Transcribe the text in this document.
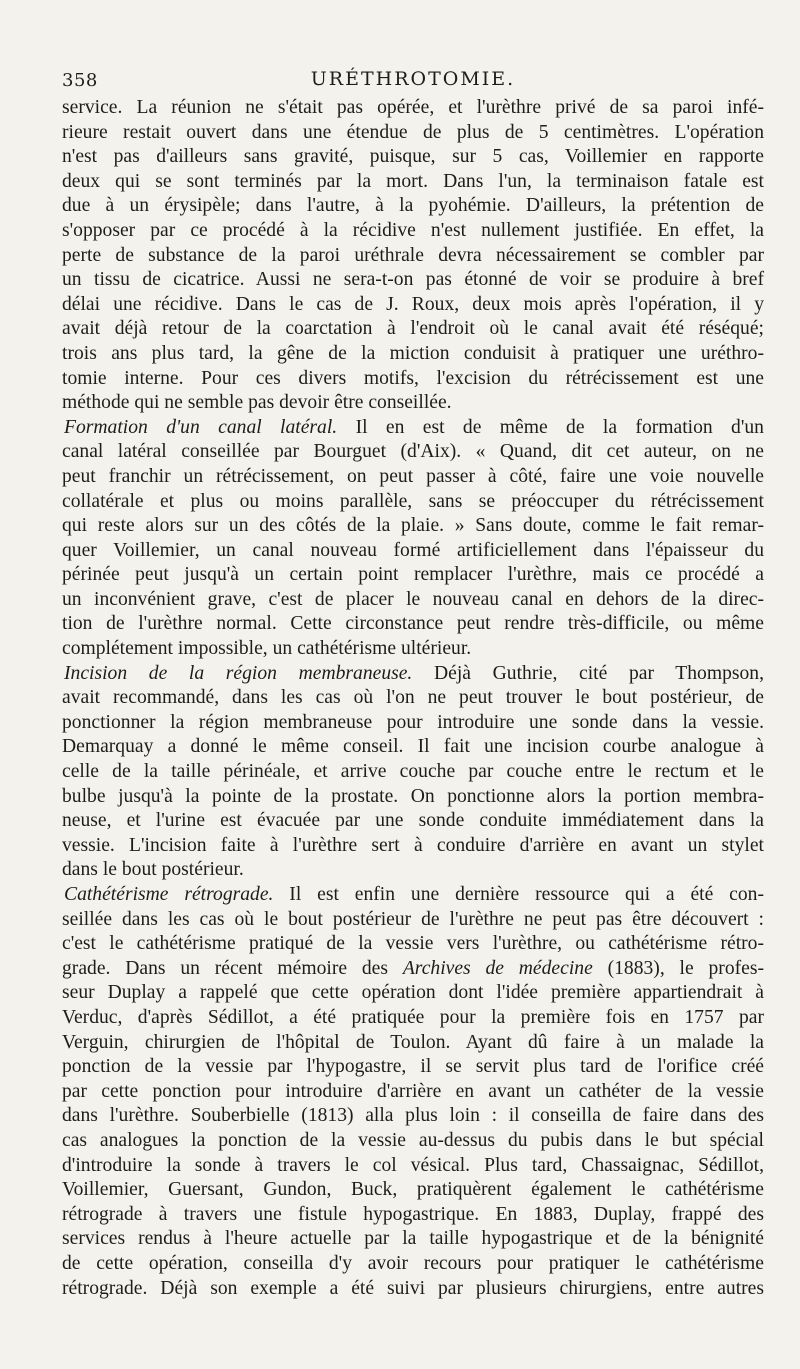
358	URÉTHROTOMIE.
service. La réunion ne s'était pas opérée, et l'urèthre privé de sa paroi infé-
rieure restait ouvert dans une étendue de plus de 5 centimètres. L'opération
n'est pas d'ailleurs sans gravité, puisque, sur 5 cas, Voillemier en rapporte
deux qui se sont terminés par la mort. Dans l'un, la terminaison fatale est
due à un érysipèle; dans l'autre, à la pyohémie. D'ailleurs, la prétention de
s'opposer par ce procédé à la récidive n'est nullement justifiée. En effet, la
perte de substance de la paroi uréthrale devra nécessairement se combler par
un tissu de cicatrice. Aussi ne sera-t-on pas étonné de voir se produire à bref
délai une récidive. Dans le cas de J. Roux, deux mois après l'opération, il y
avait déjà retour de la coarctation à l'endroit où le canal avait été réséqué;
trois ans plus tard, la gêne de la miction conduisit à pratiquer une uréthro-
tomie interne. Pour ces divers motifs, l'excision du rétrécissement est une
méthode qui ne semble pas devoir être conseillée.
Formation d'un canal latéral. Il en est de même de la formation d'un
canal latéral conseillée par Bourguet (d'Aix). « Quand, dit cet auteur, on ne
peut franchir un rétrécissement, on peut passer à côté, faire une voie nouvelle
collatérale et plus ou moins parallèle, sans se préoccuper du rétrécissement
qui reste alors sur un des côtés de la plaie. » Sans doute, comme le fait remar-
quer Voillemier, un canal nouveau formé artificiellement dans l'épaisseur du
périnée peut jusqu'à un certain point remplacer l'urèthre, mais ce procédé a
un inconvénient grave, c'est de placer le nouveau canal en dehors de la direc-
tion de l'urèthre normal. Cette circonstance peut rendre très-difficile, ou même
complétement impossible, un cathétérisme ultérieur.
Incision de la région membraneuse. Déjà Guthrie, cité par Thompson,
avait recommandé, dans les cas où l'on ne peut trouver le bout postérieur, de
ponctionner la région membraneuse pour introduire une sonde dans la vessie.
Demarquay a donné le même conseil. Il fait une incision courbe analogue à
celle de la taille périnéale, et arrive couche par couche entre le rectum et le
bulbe jusqu'à la pointe de la prostate. On ponctionne alors la portion membra-
neuse, et l'urine est évacuée par une sonde conduite immédiatement dans la
vessie. L'incision faite à l'urèthre sert à conduire d'arrière en avant un stylet
dans le bout postérieur.
Cathétérisme rétrograde. Il est enfin une dernière ressource qui a été con-
seillée dans les cas où le bout postérieur de l'urèthre ne peut pas être découvert :
c'est le cathétérisme pratiqué de la vessie vers l'urèthre, ou cathétérisme rétro-
grade. Dans un récent mémoire des Archives de médecine (1883), le profes-
seur Duplay a rappelé que cette opération dont l'idée première appartiendrait à
Verduc, d'après Sédillot, a été pratiquée pour la première fois en 1757 par
Verguin, chirurgien de l'hôpital de Toulon. Ayant dû faire à un malade la
ponction de la vessie par l'hypogastre, il se servit plus tard de l'orifice créé
par cette ponction pour introduire d'arrière en avant un cathéter de la vessie
dans l'urèthre. Souberbielle (1813) alla plus loin : il conseilla de faire dans des
cas analogues la ponction de la vessie au-dessus du pubis dans le but spécial
d'introduire la sonde à travers le col vésical. Plus tard, Chassaignac, Sédillot,
Voillemier, Guersant, Gundon, Buck, pratiquèrent également le cathétérisme
rétrograde à travers une fistule hypogastrique. En 1883, Duplay, frappé des
services rendus à l'heure actuelle par la taille hypogastrique et de la bénignité
de cette opération, conseilla d'y avoir recours pour pratiquer le cathétérisme
rétrograde. Déjà son exemple a été suivi par plusieurs chirurgiens, entre autres
